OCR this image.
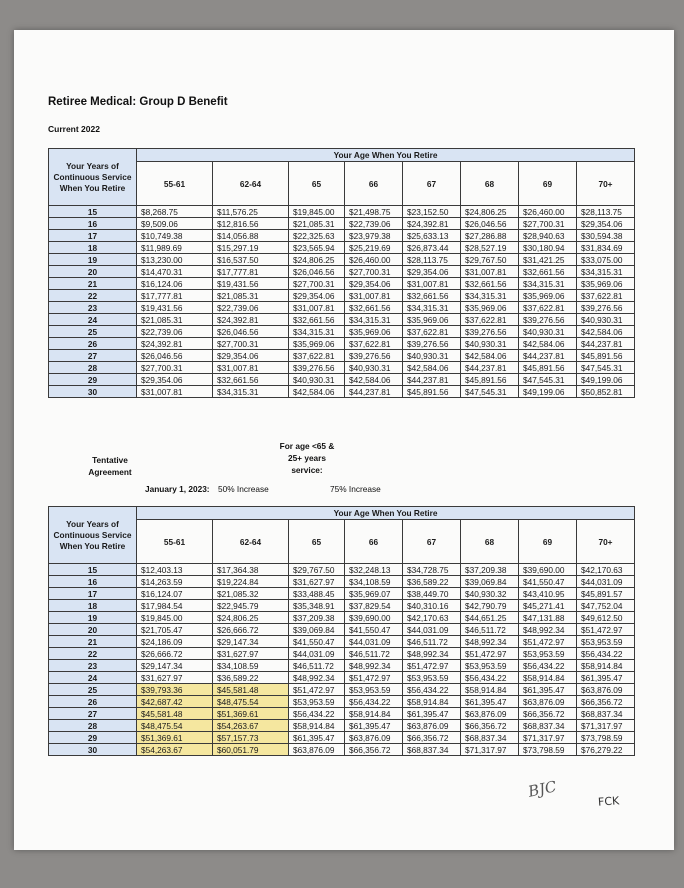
Retiree Medical: Group D Benefit
Current 2022
Your Years of Continuous Service When You Retire	Your Age When You Retire							
	55-61	62-64	65	66	67	68	69	70+
15	$8,268.75	$11,576.25	$19,845.00	$21,498.75	$23,152.50	$24,806.25	$26,460.00	$28,113.75
16	$9,509.06	$12,816.56	$21,085.31	$22,739.06	$24,392.81	$26,046.56	$27,700.31	$29,354.06
17	$10,749.38	$14,056.88	$22,325.63	$23,979.38	$25,633.13	$27,286.88	$28,940.63	$30,594.38
18	$11,989.69	$15,297.19	$23,565.94	$25,219.69	$26,873.44	$28,527.19	$30,180.94	$31,834.69
19	$13,230.00	$16,537.50	$24,806.25	$26,460.00	$28,113.75	$29,767.50	$31,421.25	$33,075.00
20	$14,470.31	$17,777.81	$26,046.56	$27,700.31	$29,354.06	$31,007.81	$32,661.56	$34,315.31
21	$16,124.06	$19,431.56	$27,700.31	$29,354.06	$31,007.81	$32,661.56	$34,315.31	$35,969.06
22	$17,777.81	$21,085.31	$29,354.06	$31,007.81	$32,661.56	$34,315.31	$35,969.06	$37,622.81
23	$19,431.56	$22,739.06	$31,007.81	$32,661.56	$34,315.31	$35,969.06	$37,622.81	$39,276.56
24	$21,085.31	$24,392.81	$32,661.56	$34,315.31	$35,969.06	$37,622.81	$39,276.56	$40,930.31
25	$22,739.06	$26,046.56	$34,315.31	$35,969.06	$37,622.81	$39,276.56	$40,930.31	$42,584.06
26	$24,392.81	$27,700.31	$35,969.06	$37,622.81	$39,276.56	$40,930.31	$42,584.06	$44,237.81
27	$26,046.56	$29,354.06	$37,622.81	$39,276.56	$40,930.31	$42,584.06	$44,237.81	$45,891.56
28	$27,700.31	$31,007.81	$39,276.56	$40,930.31	$42,584.06	$44,237.81	$45,891.56	$47,545.31
29	$29,354.06	$32,661.56	$40,930.31	$42,584.06	$44,237.81	$45,891.56	$47,545.31	$49,199.06
30	$31,007.81	$34,315.31	$42,584.06	$44,237.81	$45,891.56	$47,545.31	$49,199.06	$50,852.81
Tentative Agreement
January 1, 2023: 50% Increase
For age <65 & 25+ years service:
75% Increase
Your Years of Continuous Service When You Retire	Your Age When You Retire							
	55-61	62-64	65	66	67	68	69	70+
15	$12,403.13	$17,364.38	$29,767.50	$32,248.13	$34,728.75	$37,209.38	$39,690.00	$42,170.63
16	$14,263.59	$19,224.84	$31,627.97	$34,108.59	$36,589.22	$39,069.84	$41,550.47	$44,031.09
17	$16,124.07	$21,085.32	$33,488.45	$35,969.07	$38,449.70	$40,930.32	$43,410.95	$45,891.57
18	$17,984.54	$22,945.79	$35,348.91	$37,829.54	$40,310.16	$42,790.79	$45,271.41	$47,752.04
19	$19,845.00	$24,806.25	$37,209.38	$39,690.00	$42,170.63	$44,651.25	$47,131.88	$49,612.50
20	$21,705.47	$26,666.72	$39,069.84	$41,550.47	$44,031.09	$46,511.72	$48,992.34	$51,472.97
21	$24,186.09	$29,147.34	$41,550.47	$44,031.09	$46,511.72	$48,992.34	$51,472.97	$53,953.59
22	$26,666.72	$31,627.97	$44,031.09	$46,511.72	$48,992.34	$51,472.97	$53,953.59	$56,434.22
23	$29,147.34	$34,108.59	$46,511.72	$48,992.34	$51,472.97	$53,953.59	$56,434.22	$58,914.84
24	$31,627.97	$36,589.22	$48,992.34	$51,472.97	$53,953.59	$56,434.22	$58,914.84	$61,395.47
25	$39,793.36	$45,581.48	$51,472.97	$53,953.59	$56,434.22	$58,914.84	$61,395.47	$63,876.09
26	$42,687.42	$48,475.54	$53,953.59	$56,434.22	$58,914.84	$61,395.47	$63,876.09	$66,356.72
27	$45,581.48	$51,369.61	$56,434.22	$58,914.84	$61,395.47	$63,876.09	$66,356.72	$68,837.34
28	$48,475.54	$54,263.67	$58,914.84	$61,395.47	$63,876.09	$66,356.72	$68,837.34	$71,317.97
29	$51,369.61	$57,157.73	$61,395.47	$63,876.09	$66,356.72	$68,837.34	$71,317.97	$73,798.59
30	$54,263.67	$60,051.79	$63,876.09	$66,356.72	$68,837.34	$71,317.97	$73,798.59	$76,279.22
BJC
FCK
